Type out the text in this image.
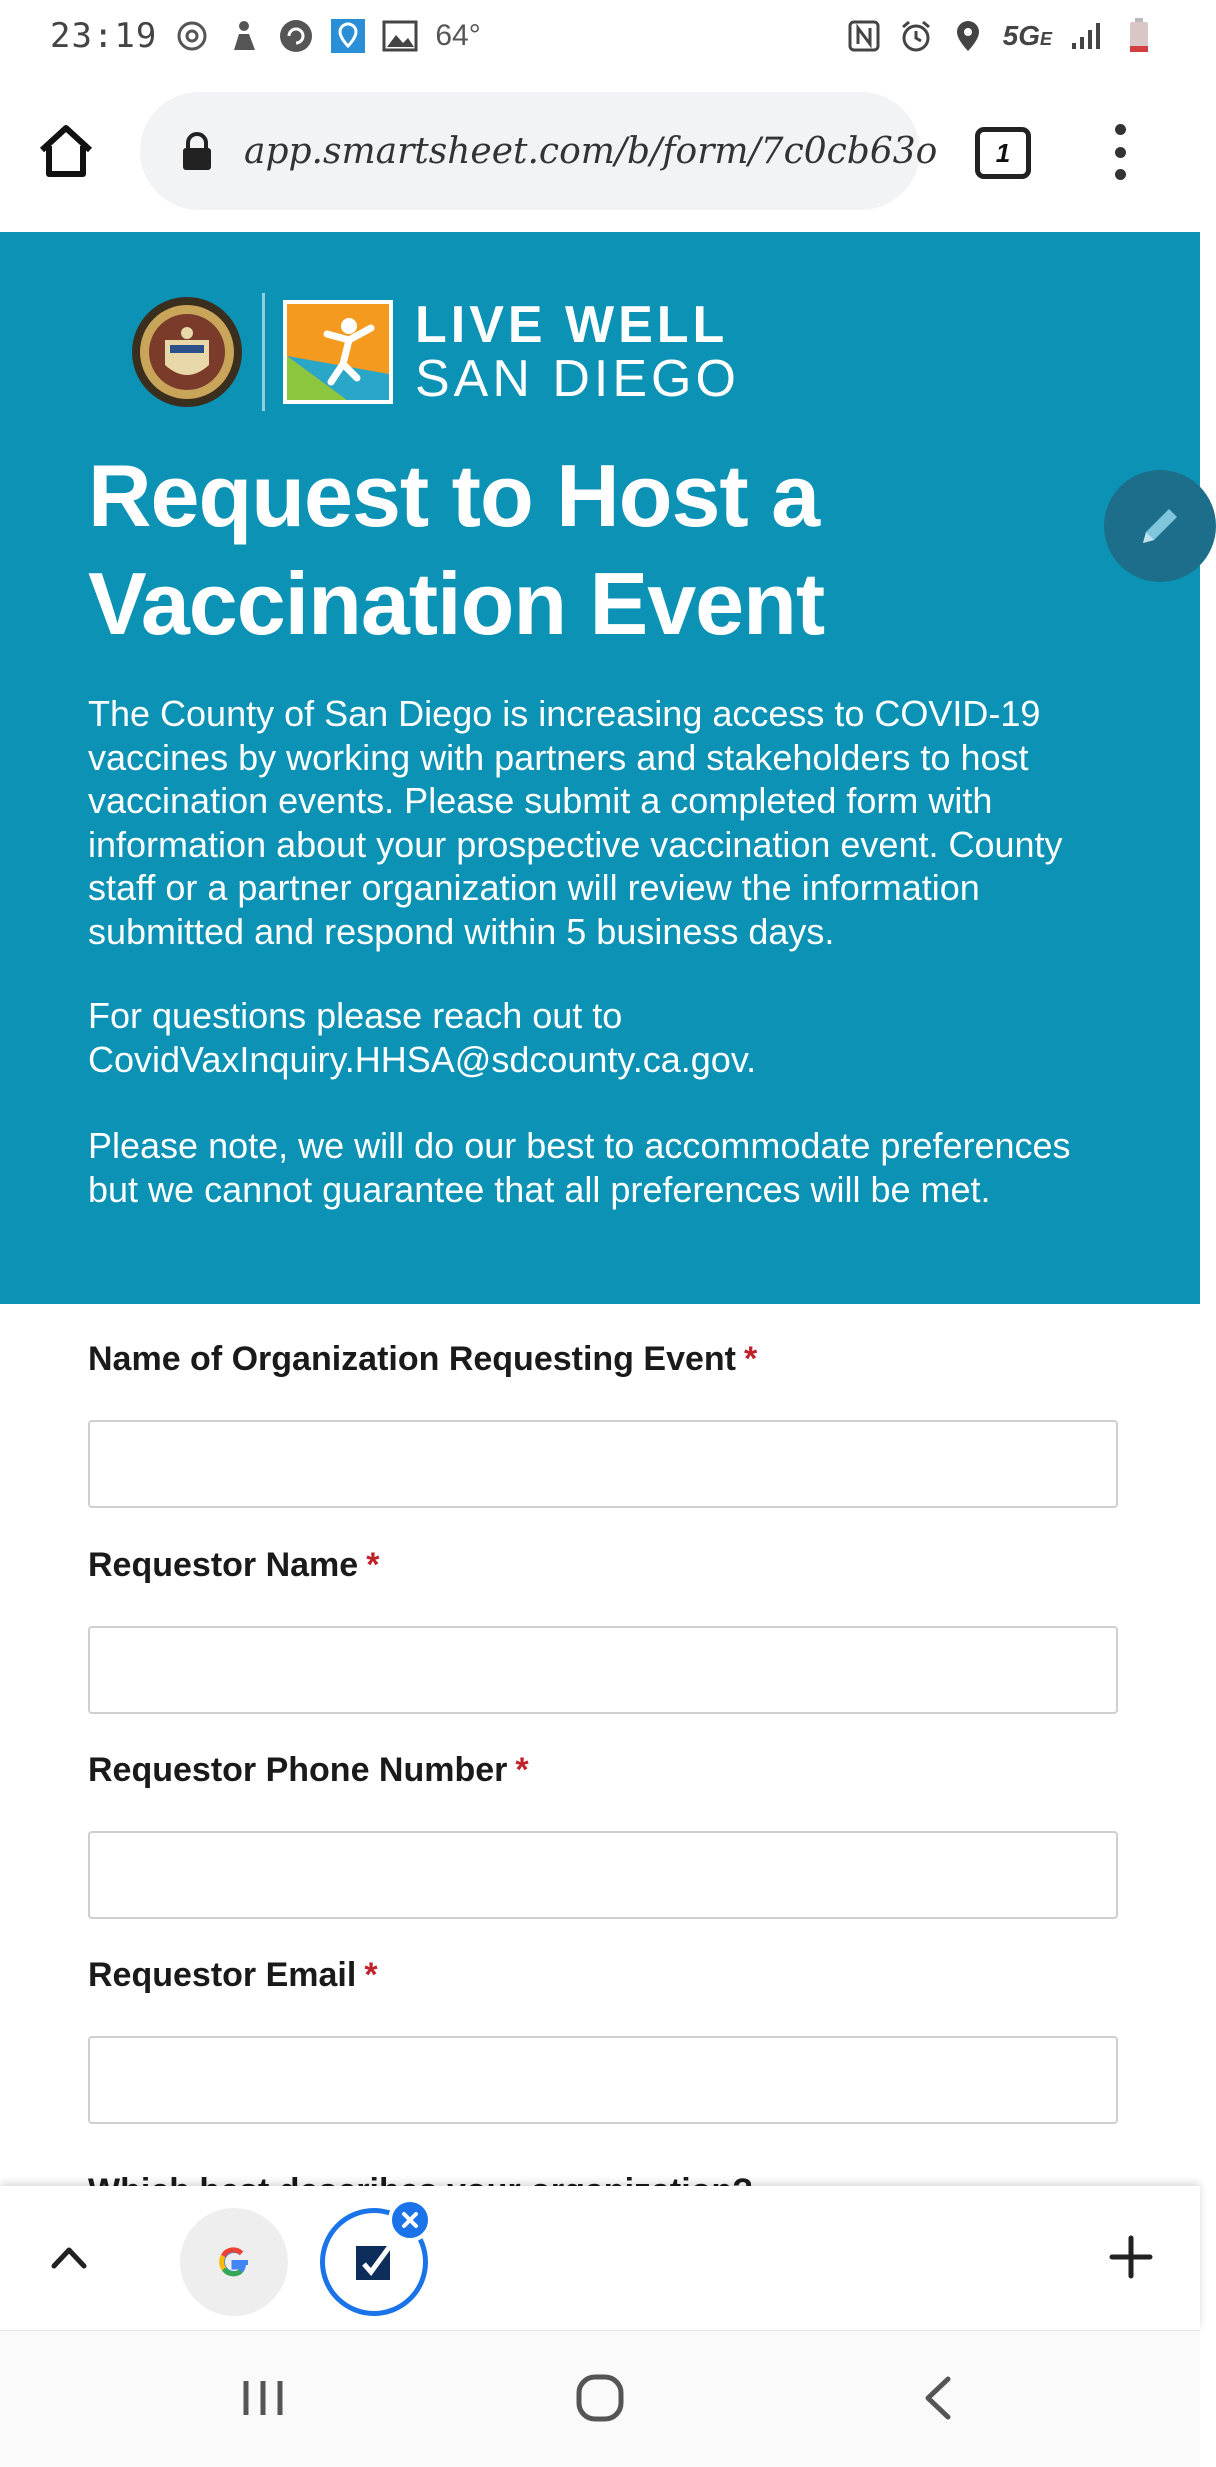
23:19	64°	5GE
app.smartsheet.com/b/form/7c0cb63o	1
LIVE WELL
SAN DIEGO
Request to Host a Vaccination Event

The County of San Diego is increasing access to COVID-19 vaccines by working with partners and stakeholders to host vaccination events. Please submit a completed form with information about your prospective vaccination event. County staff or a partner organization will review the information submitted and respond within 5 business days.

For questions please reach out to CovidVaxInquiry.HHSA@sdcounty.ca.gov.

Please note, we will do our best to accommodate preferences but we cannot guarantee that all preferences will be met.

Name of Organization Requesting Event *
Requestor Name *
Requestor Phone Number *
Requestor Email *
